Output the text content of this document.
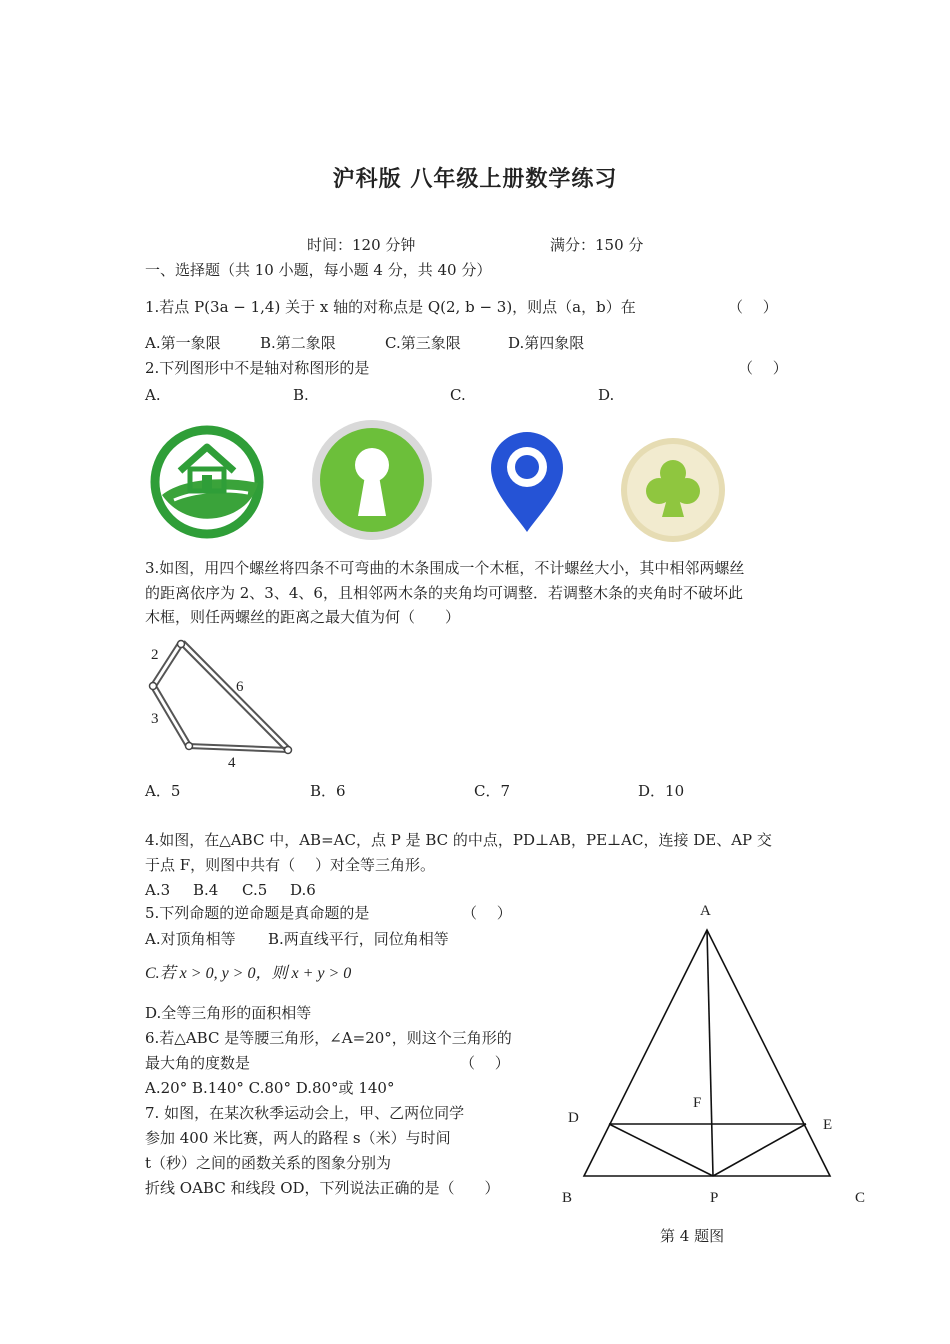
沪科版 八年级上册数学练习
时间：120 分钟	满分：150 分
一、选择题（共 10 小题，每小题 4 分，共 40 分）
1.若点 P(3a − 1,4) 关于 x 轴的对称点是 Q(2, b − 3)，则点（a，b）在	（　 ）
A.第一象限	B.第二象限	C.第三象限	D.第四象限
2.下列图形中不是轴对称图形的是	（　 ）
A.	B.	C.	D.
3.如图，用四个螺丝将四条不可弯曲的木条围成一个木框，不计螺丝大小，其中相邻两螺丝
的距离依序为 2、3、4、6，且相邻两木条的夹角均可调整．若调整木条的夹角时不破坏此
木框，则任两螺丝的距离之最大值为何（　　）
2
6
3
4
A．5	B．6	C．7	D．10
4.如图，在△ABC 中，AB=AC，点 P 是 BC 的中点，PD⊥AB，PE⊥AC，连接 DE、AP 交
于点 F，则图中共有（　 ）对全等三角形。
A.3 B.4 C.5 D.6
5.下列命题的逆命题是真命题的是	（　 ）
A.对顶角相等 B.两直线平行，同位角相等
C.若 x > 0, y > 0，则 x + y > 0
D.全等三角形的面积相等
6.若△ABC 是等腰三角形，∠A=20°，则这个三角形的
最大角的度数是	（　 ）
A.20° B.140° C.80° D.80°或 140°
7. 如图，在某次秋季运动会上，甲、乙两位同学
参加 400 米比赛，两人的路程 s（米）与时间
t（秒）之间的函数关系的图象分别为
折线 OABC 和线段 OD，下列说法正确的是（　　）
A
D
F
E
B	P	C
第 4 题图
